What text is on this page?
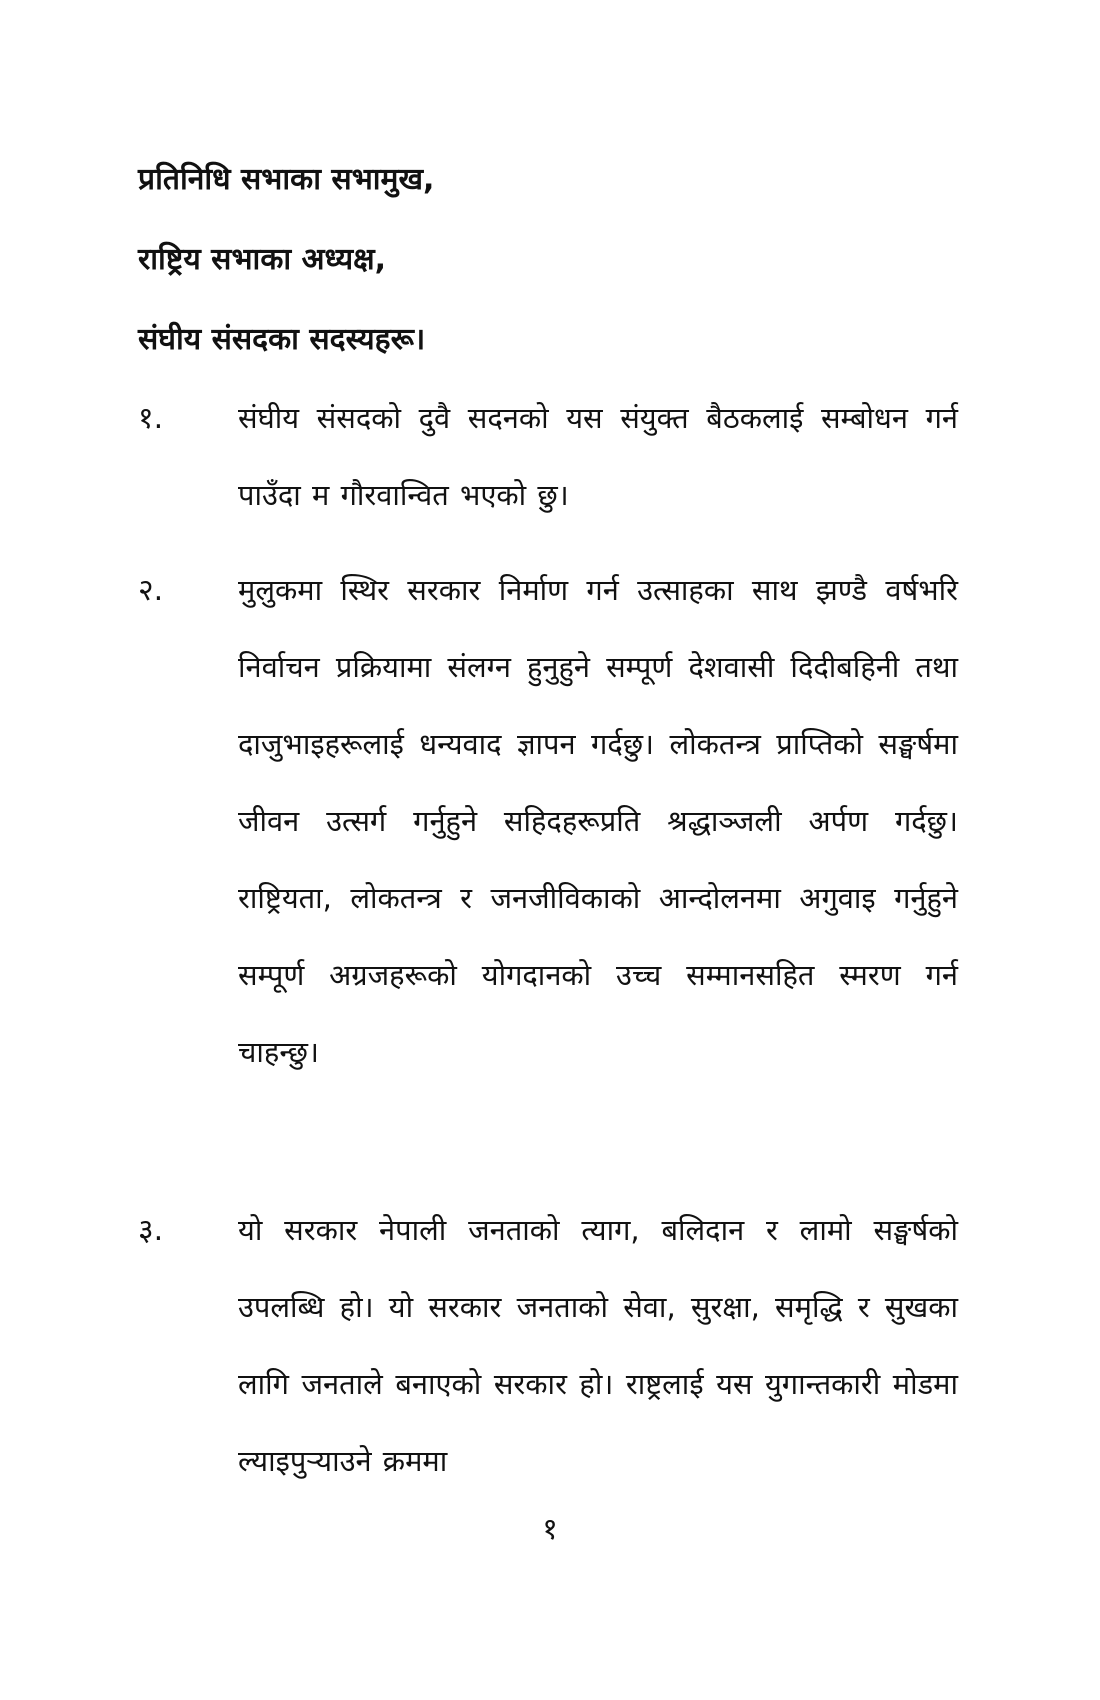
प्रतिनिधि सभाका सभामुख,
राष्ट्रिय सभाका अध्यक्ष,
संघीय संसदका सदस्यहरू।
१.	संघीय संसदको दुवै सदनको यस संयुक्त बैठकलाई सम्बोधन गर्न पाउँदा म गौरवान्वित भएको छु।
२.	मुलुकमा स्थिर सरकार निर्माण गर्न उत्साहका साथ झण्डै वर्षभरि निर्वाचन प्रक्रियामा संलग्न हुनुहुने सम्पूर्ण देशवासी दिदीबहिनी तथा दाजुभाइहरूलाई धन्यवाद ज्ञापन गर्दछु। लोकतन्त्र प्राप्तिको सङ्घर्षमा जीवन उत्सर्ग गर्नुहुने सहिदहरूप्रति श्रद्धाञ्जली अर्पण गर्दछु। राष्ट्रियता, लोकतन्त्र र जनजीविकाको आन्दोलनमा अगुवाइ गर्नुहुने सम्पूर्ण अग्रजहरूको योगदानको उच्च सम्मानसहित स्मरण गर्न चाहन्छु।
३.	यो सरकार नेपाली जनताको त्याग, बलिदान र लामो सङ्घर्षको उपलब्धि हो। यो सरकार जनताको सेवा, सुरक्षा, समृद्धि र सुखका लागि जनताले बनाएको सरकार हो। राष्ट्रलाई यस युगान्तकारी मोडमा ल्याइपुऱ्याउने क्रममा
१
